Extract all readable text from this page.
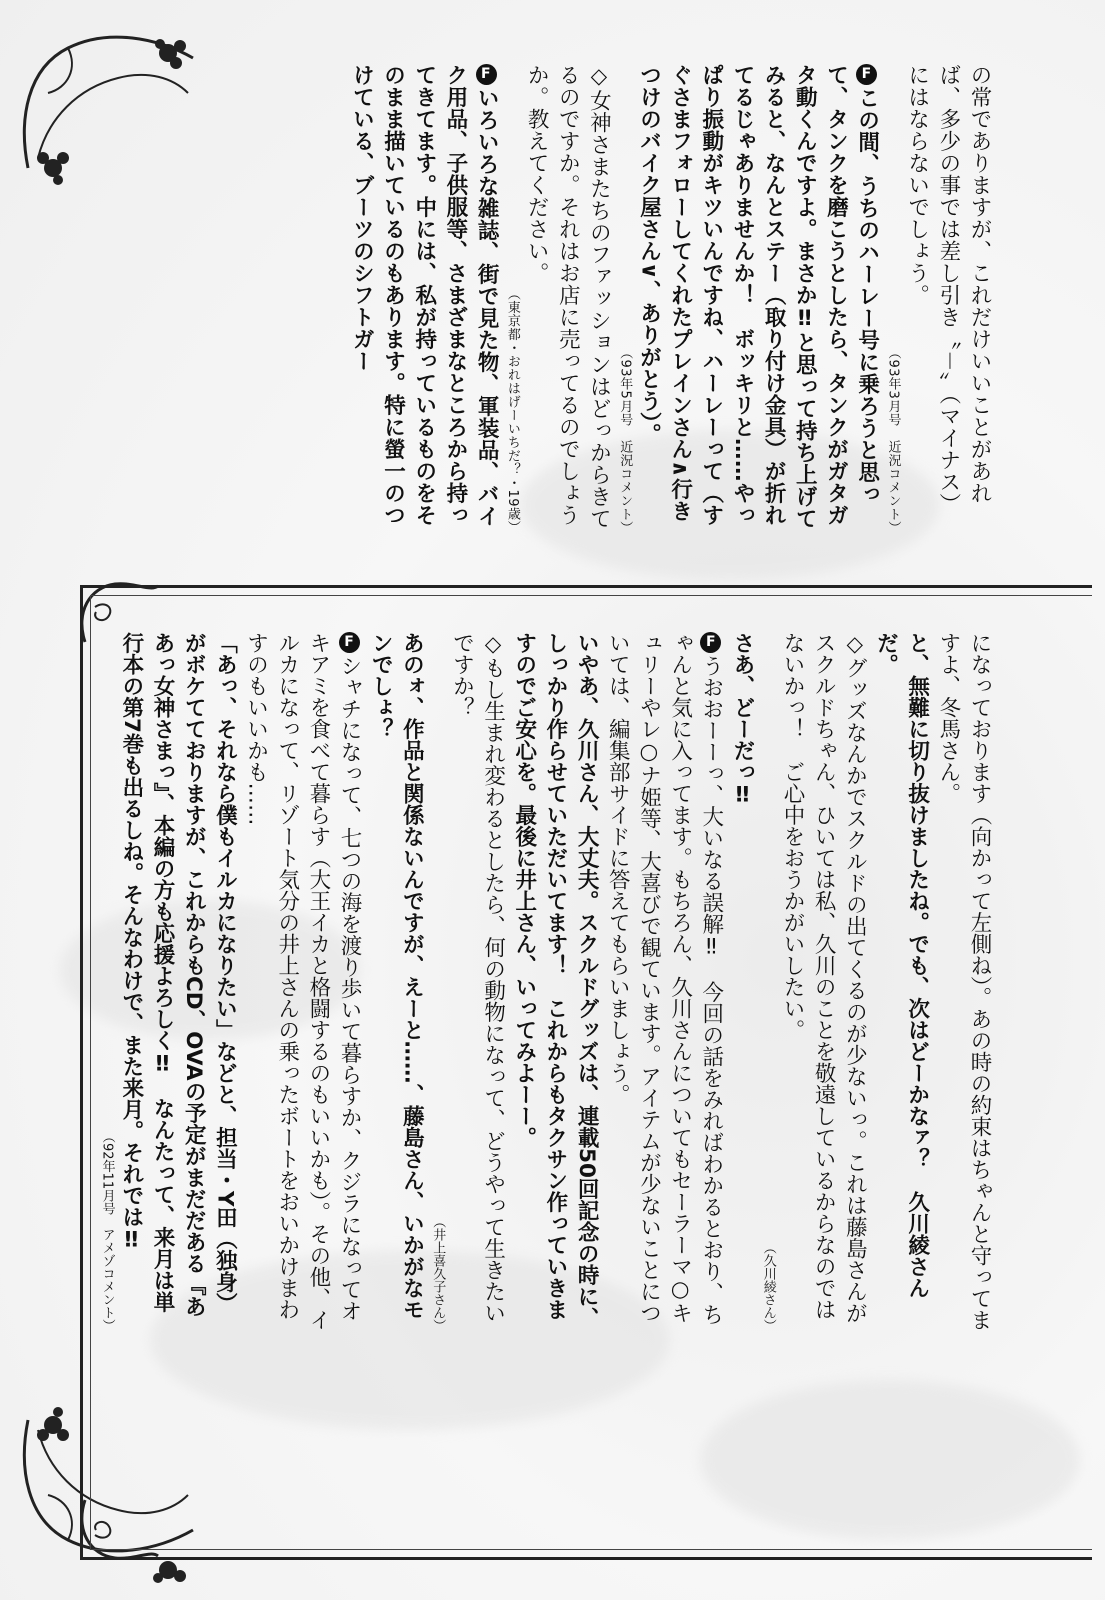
の常でありますが、これだけいいことがあれば、多少の事では差し引き〝－〟（マイナス）にはならないでしょう。
（93年3月号　近況コメント）
Fこの間、うちのハーレー号に乗ろうと思って、タンクを磨こうとしたら、タンクがガタガタ動くんですよ。まさか‼と思って持ち上げてみると、なんとステー（取り付け金具）が折れてるじゃありませんか！　ボッキリと……やっぱり振動がキツいんですね、ハーレーって（すぐさまフォローしてくれたプレインさん∧行きつけのバイク屋さん∨、ありがとう）。
（93年5月号　近況コメント）
◇女神さまたちのファッションはどっからきてるのですか。それはお店に売ってるのでしょうか。教えてください。
（東京都・おれはげーいちだ？・19歳）
Fいろいろな雑誌、街で見た物、軍装品、バイク用品、子供服等、さまざまなところから持ってきてます。中には、私が持っているものをそのまま描いているのもあります。特に螢一のつけている、ブーツのシフトガー
になっております（向かって左側ね）。あの時の約束はちゃんと守ってますよ、冬馬さん。
と、無難に切り抜けましたね。でも、次はどーかなァ？　久川綾さんだ。
◇グッズなんかでスクルドの出てくるのが少ないっ。これは藤島さんがスクルドちゃん、ひいては私、久川のことを敬遠しているからなのではないかっ！　ご心中をおうかがいしたい。
（久川綾さん）
さあ、どーだっ‼
Fうおおーーっ、大いなる誤解‼　今回の話をみればわかるとおり、ちゃんと気に入ってます。もちろん、久川さんについてもセーラーマ○キュリーやレ○ナ姫等、大喜びで観ています。アイテムが少ないことについては、編集部サイドに答えてもらいましょう。
いやあ、久川さん、大丈夫。スクルドグッズは、連載50回記念の時に、しっかり作らせていただいてます！　これからもタクサン作っていきますのでご安心を。最後に井上さん、いってみよーー。
◇もし生まれ変わるとしたら、何の動物になって、どうやって生きたいですか？
（井上喜久子さん）
あのォ、作品と関係ないんですが、えーと……、藤島さん、いかがなモンでしょ？
Fシャチになって、七つの海を渡り歩いて暮らすか、クジラになってオキアミを食べて暮らす（大王イカと格闘するのもいいかも）。その他、イルカになって、リゾート気分の井上さんの乗ったボートをおいかけまわすのもいいかも……
「あっ、それなら僕もイルカになりたい」などと、担当・Y田（独身）がボケてておりますが、これからもCD、OVAの予定がまだだある『ああっ女神さまっ』、本編の方も応援よろしく‼　なんたって、来月は単行本の第7巻も出るしね。そんなわけで、また来月。それでは‼
（92年11月号　アメゾコメント）
